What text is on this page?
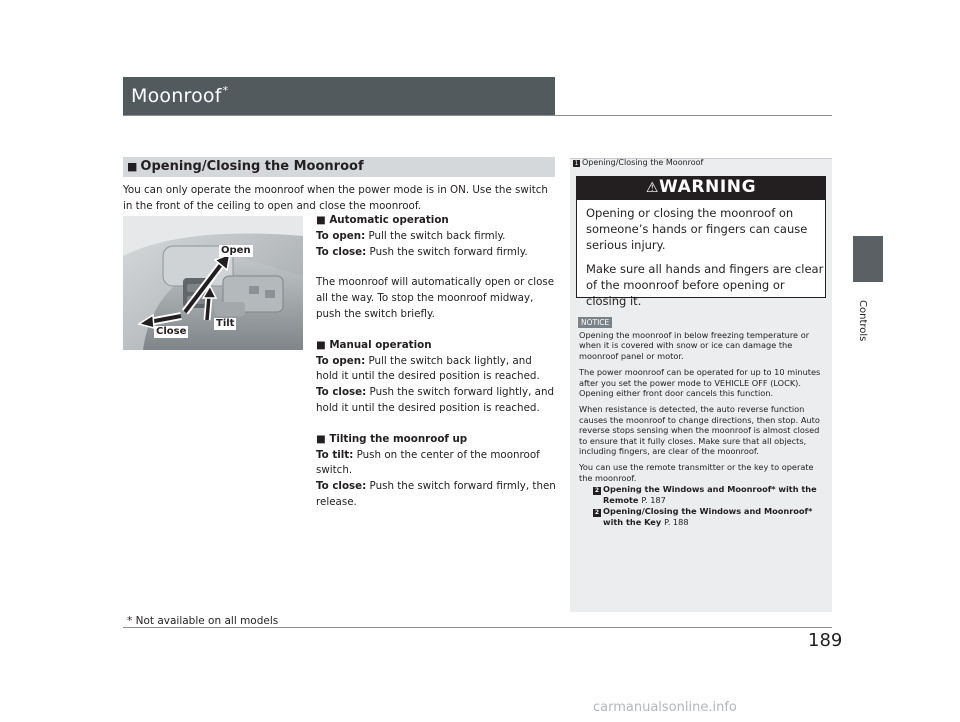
Moonroof*
Controls
■ Opening/Closing the Moonroof
You can only operate the moonroof when the power mode is in ON. Use the switch in the front of the ceiling to open and close the moonroof.
Open
Tilt
Close
■ Automatic operation
To open: Pull the switch back firmly.
To close: Push the switch forward firmly.
The moonroof will automatically open or close all the way. To stop the moonroof midway, push the switch briefly.
■ Manual operation
To open: Pull the switch back lightly, and hold it until the desired position is reached.
To close: Push the switch forward lightly, and hold it until the desired position is reached.
■ Tilting the moonroof up
To tilt: Push on the center of the moonroof switch.
To close: Push the switch forward firmly, then release.
1 Opening/Closing the Moonroof
⚠WARNING
Opening or closing the moonroof on someone’s hands or fingers can cause serious injury.
Make sure all hands and fingers are clear of the moonroof before opening or closing it.
NOTICE

Opening the moonroof in below freezing temperature or when it is covered with snow or ice can damage the moonroof panel or motor.

The power moonroof can be operated for up to 10 minutes after you set the power mode to VEHICLE OFF (LOCK).

Opening either front door cancels this function.

When resistance is detected, the auto reverse function causes the moonroof to change directions, then stop. Auto reverse stops sensing when the moonroof is almost closed to ensure that it fully closes. Make sure that all objects, including fingers, are clear of the moonroof.

You can use the remote transmitter or the key to operate the moonroof.

2 Opening the Windows and Moonroof* with the Remote P. 187
2 Opening/Closing the Windows and Moonroof* with the Key P. 188
* Not available on all models
189
carmanualsonline.info
